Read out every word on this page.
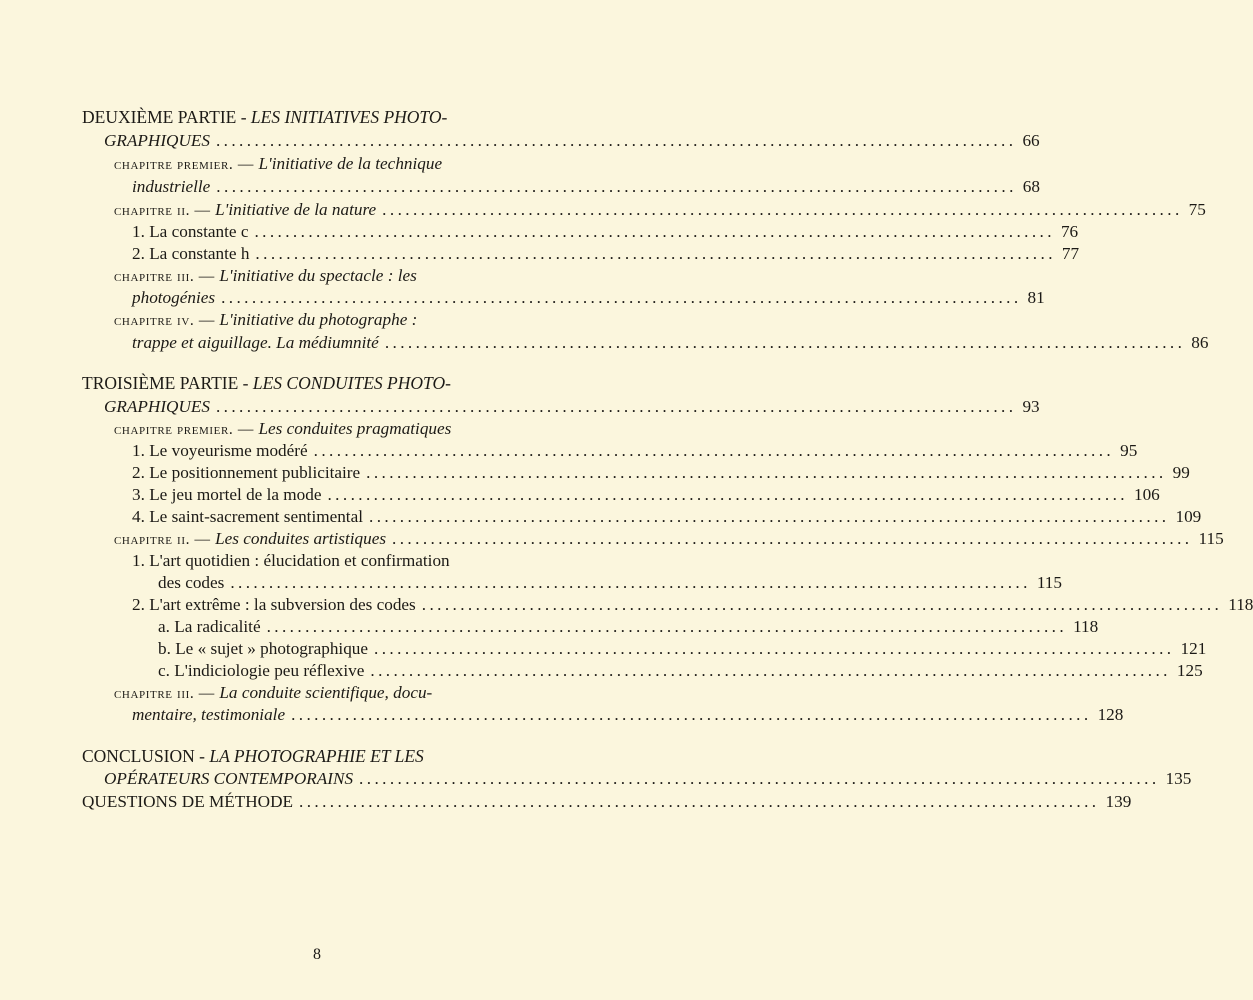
DEUXIÈME PARTIE - LES INITIATIVES PHOTO-
GRAPHIQUES ........................................................................................................ 66
chapitre premier. — L'initiative de la technique
industrielle ........................................................................................................ 68
chapitre ii. — L'initiative de la nature ........................................................................................................ 75
1. La constante c ........................................................................................................ 76
2. La constante h ........................................................................................................ 77
chapitre iii. — L'initiative du spectacle : les
photogénies ........................................................................................................ 81
chapitre iv. — L'initiative du photographe :
trappe et aiguillage. La médiumnité ........................................................................................................ 86
TROISIÈME PARTIE - LES CONDUITES PHOTO-
GRAPHIQUES ........................................................................................................ 93
chapitre premier. — Les conduites pragmatiques
1. Le voyeurisme modéré ........................................................................................................ 95
2. Le positionnement publicitaire ........................................................................................................ 99
3. Le jeu mortel de la mode ........................................................................................................ 106
4. Le saint-sacrement sentimental ........................................................................................................ 109
chapitre ii. — Les conduites artistiques ........................................................................................................ 115
1. L'art quotidien : élucidation et confirmation
des codes ........................................................................................................ 115
2. L'art extrême : la subversion des codes ........................................................................................................ 118
a. La radicalité ........................................................................................................ 118
b. Le « sujet » photographique ........................................................................................................ 121
c. L'indiciologie peu réflexive ........................................................................................................ 125
chapitre iii. — La conduite scientifique, docu-
mentaire, testimoniale ........................................................................................................ 128
CONCLUSION - LA PHOTOGRAPHIE ET LES
OPÉRATEURS CONTEMPORAINS ........................................................................................................ 135
QUESTIONS DE MÉTHODE ........................................................................................................ 139
8
